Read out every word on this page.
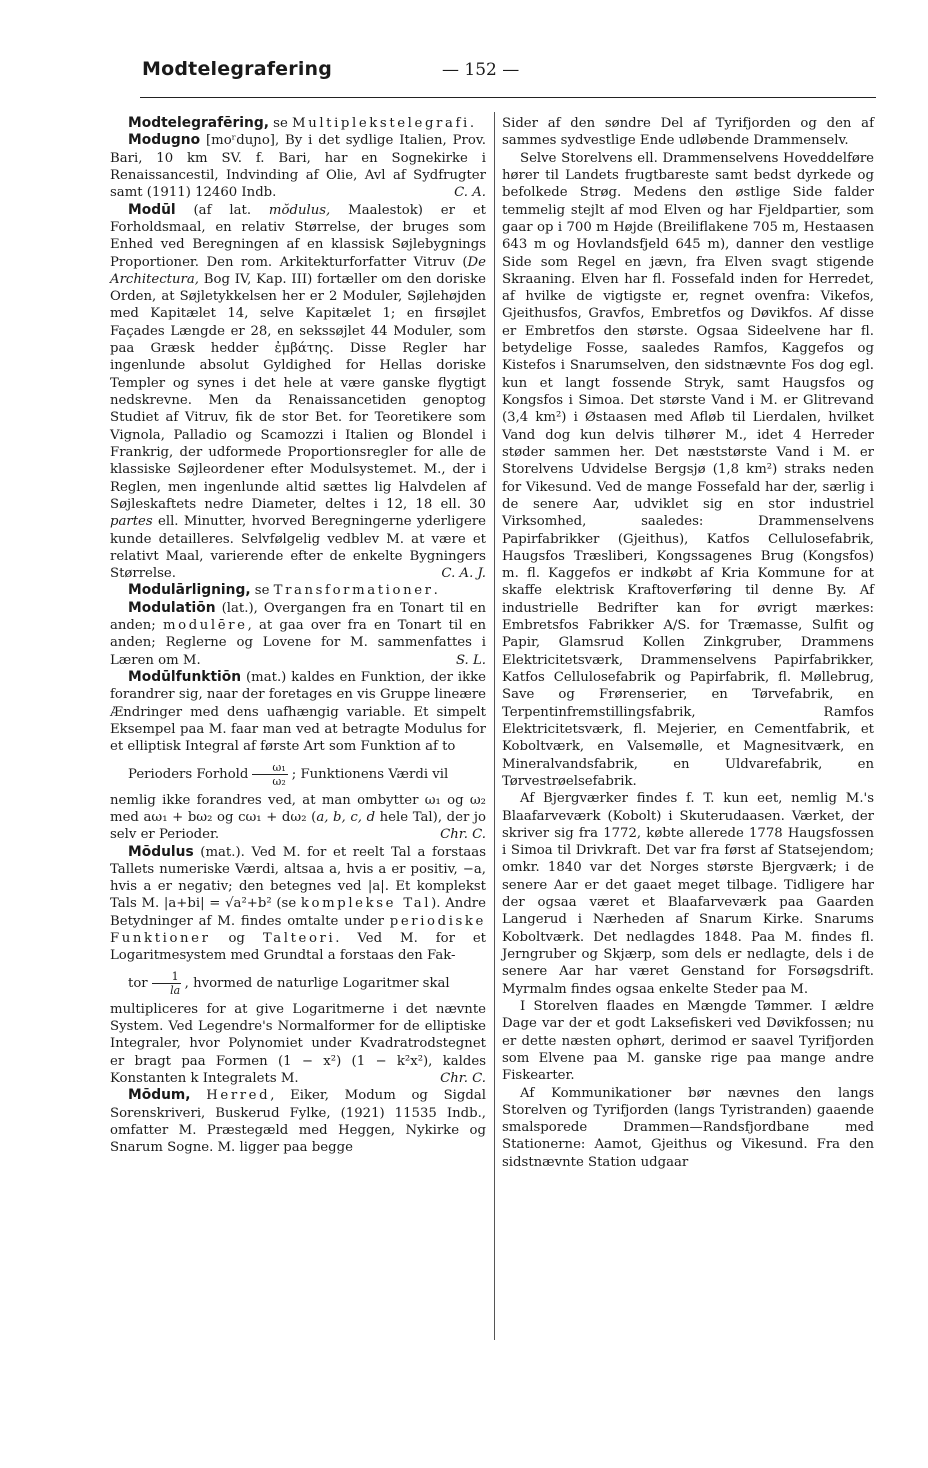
Modtelegrafering	— 152 —

Modtelegrafēring, se Multiplekstelegrafi.

Modugno [moʳduɲo], By i det sydlige Italien, Prov. Bari, 10 km SV. f. Bari, har en Sognekirke i Renaissancestil, Indvinding af Olie, Avl af Sydfrugter samt (1911) 12460 Indb.	C. A.

Modūl (af lat. mŏdulus, Maalestok) er et Forholdsmaal, en relativ Størrelse, der bruges som Enhed ved Beregningen af en klassisk Søjlebygnings Proportioner. Den rom. Arkitekturforfatter Vitruv (De Architectura, Bog IV, Kap. III) fortæller om den doriske Orden, at Søjletykkelsen her er 2 Moduler, Søjlehøjden med Kapitælet 14, selve Kapitælet 1; en firsøjlet Façades Længde er 28, en sekssøjlet 44 Moduler, som paa Græsk hedder ἐμβάτης. Disse Regler har ingenlunde absolut Gyldighed for Hellas doriske Templer og synes i det hele at være ganske flygtigt nedskrevne. Men da Renaissancetiden genoptog Studiet af Vitruv, fik de stor Bet. for Teoretikere som Vignola, Palladio og Scamozzi i Italien og Blondel i Frankrig, der udformede Proportionsregler for alle de klassiske Søjleordener efter Modulsystemet. M., der i Reglen, men ingenlunde altid sættes lig Halvdelen af Søjleskaftets nedre Diameter, deltes i 12, 18 ell. 30 partes ell. Minutter, hvorved Beregningerne yderligere kunde detailleres. Selvfølgelig vedblev M. at være et relativt Maal, varierende efter de enkelte Bygningers Størrelse.	C. A. J.

Modulārligning, se Transformationer.

Modulatiōn (lat.), Overgangen fra en Tonart til en anden; modulēre, at gaa over fra en Tonart til en anden; Reglerne og Lovene for M. sammenfattes i Læren om M.	S. L.

Modūlfunktiōn (mat.) kaldes en Funktion, der ikke forandrer sig, naar der foretages en vis Gruppe lineære Ændringer med dens uafhængig variable. Et simpelt Eksempel paa M. faar man ved at betragte Modulus for et elliptisk Integral af første Art som Funktion af to
Perioders Forhold $\frac{\text{ω₁}}{\text{ω₂}}$ ; Funktionens Værdi vil
nemlig ikke forandres ved, at man ombytter ω₁ og ω₂ med aω₁ + bω₂ og cω₁ + dω₂ (a, b, c, d hele Tal), der jo selv er Perioder.	Chr. C.

Mōdulus (mat.). Ved M. for et reelt Tal a forstaas Tallets numeriske Værdi, altsaa a, hvis a er positiv, −a, hvis a er negativ; den betegnes ved |a|. Et komplekst Tals M. |a+bi| = √a²+b² (se komplekse Tal). Andre Betydninger af M. findes omtalte under periodiske Funktioner og Talteori. Ved M. for et Logaritmesystem med Grundtal a forstaas den Fak-
tor $\frac{1}{la}$ , hvormed de naturlige Logaritmer skal
multipliceres for at give Logaritmerne i det nævnte System. Ved Legendre's Normalformer for de elliptiske Integraler, hvor Polynomiet under Kvadratrodstegnet er bragt paa Formen (1 − x²) (1 − k²x²), kaldes Konstanten k Integralets M.	Chr. C.

Mōdum, Herred, Eiker, Modum og Sigdal Sorenskriveri, Buskerud Fylke, (1921) 11535 Indb., omfatter M. Præstegæld med Heggen, Nykirke og Snarum Sogne. M. ligger paa begge

Sider af den søndre Del af Tyrifjorden og den af sammes sydvestlige Ende udløbende Drammenselv.

Selve Storelvens ell. Drammenselvens Hoveddelføre hører til Landets frugtbareste samt bedst dyrkede og befolkede Strøg. Medens den østlige Side falder temmelig stejlt af mod Elven og har Fjeldpartier, som gaar op i 700 m Højde (Breiliflakene 705 m, Hestaasen 643 m og Hovlandsfjeld 645 m), danner den vestlige Side som Regel en jævn, fra Elven svagt stigende Skraaning. Elven har fl. Fossefald inden for Herredet, af hvilke de vigtigste er, regnet ovenfra: Vikefos, Gjeithusfos, Gravfos, Embretfos og Døvikfos. Af disse er Embretfos den største. Ogsaa Sideelvene har fl. betydelige Fosse, saaledes Ramfos, Kaggefos og Kistefos i Snarumselven, den sidstnævnte Fos dog egl. kun et langt fossende Stryk, samt Haugsfos og Kongsfos i Simoa. Det største Vand i M. er Glitrevand (3,4 km²) i Østaasen med Afløb til Lierdalen, hvilket Vand dog kun delvis tilhører M., idet 4 Herreder støder sammen her. Det næststørste Vand i M. er Storelvens Udvidelse Bergsjø (1,8 km²) straks neden for Vikesund. Ved de mange Fossefald har der, særlig i de senere Aar, udviklet sig en stor industriel Virksomhed, saaledes: Drammenselvens Papirfabrikker (Gjeithus), Katfos Cellulosefabrik, Haugsfos Træsliberi, Kongssagenes Brug (Kongsfos) m. fl. Kaggefos er indkøbt af Kria Kommune for at skaffe elektrisk Kraftoverføring til denne By. Af industrielle Bedrifter kan for øvrigt mærkes: Embretsfos Fabrikker A/S. for Træmasse, Sulfit og Papir, Glamsrud Kollen Zinkgruber, Drammens Elektricitetsværk, Drammenselvens Papirfabrikker, Katfos Cellulosefabrik og Papirfabrik, fl. Møllebrug, Save og Frørenserier, en Tørvefabrik, en Terpentinfremstillingsfabrik, Ramfos Elektricitetsværk, fl. Mejerier, en Cementfabrik, et Koboltværk, en Valsemølle, et Magnesitværk, en Mineralvandsfabrik, en Uldvarefabrik, en Tørvestrøelsefabrik.

Af Bjergværker findes f. T. kun eet, nemlig M.'s Blaafarveværk (Kobolt) i Skuterudaasen. Værket, der skriver sig fra 1772, købte allerede 1778 Haugsfossen i Simoa til Drivkraft. Det var fra først af Statsejendom; omkr. 1840 var det Norges største Bjergværk; i de senere Aar er det gaaet meget tilbage. Tidligere har der ogsaa været et Blaafarveværk paa Gaarden Langerud i Nærheden af Snarum Kirke. Snarums Koboltværk. Det nedlagdes 1848. Paa M. findes fl. Jerngruber og Skjærp, som dels er nedlagte, dels i de senere Aar har været Genstand for Forsøgsdrift. Myrmalm findes ogsaa enkelte Steder paa M.

I Storelven flaades en Mængde Tømmer. I ældre Dage var der et godt Laksefiskeri ved Døvikfossen; nu er dette næsten ophørt, derimod er saavel Tyrifjorden som Elvene paa M. ganske rige paa mange andre Fiskearter.

Af Kommunikationer bør nævnes den langs Storelven og Tyrifjorden (langs Tyristranden) gaaende smalsporede Drammen—Randsfjordbane med Stationerne: Aamot, Gjeithus og Vikesund. Fra den sidstnævnte Station udgaar
